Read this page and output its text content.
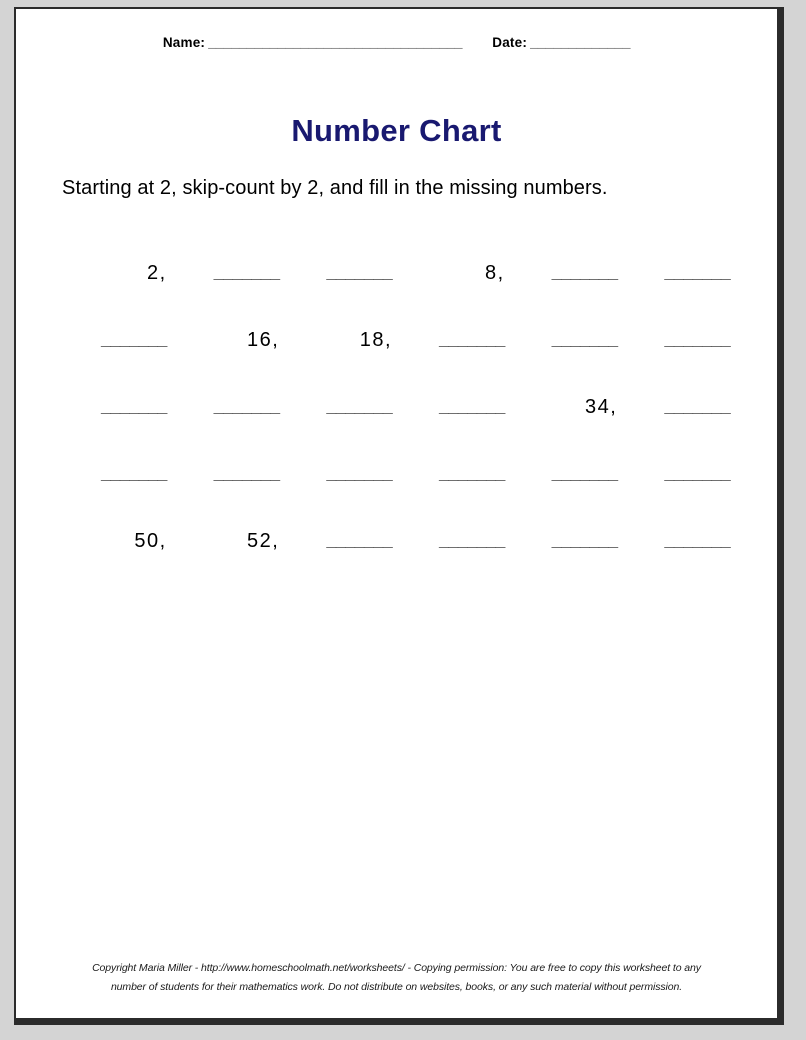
Name: _________________________________ Date: _____________
Number Chart
Starting at 2, skip-count by 2, and fill in the missing numbers.
2,	_______	_______	8,	_______	_______
_______	16,	18,	_______	_______	_______
_______	_______	_______	_______	34,	_______
_______	_______	_______	_______	_______	_______
50,	52,	_______	_______	_______	_______
Copyright Maria Miller - http://www.homeschoolmath.net/worksheets/ - Copying permission: You are free to copy this worksheet to any
number of students for their mathematics work. Do not distribute on websites, books, or any such material without permission.
